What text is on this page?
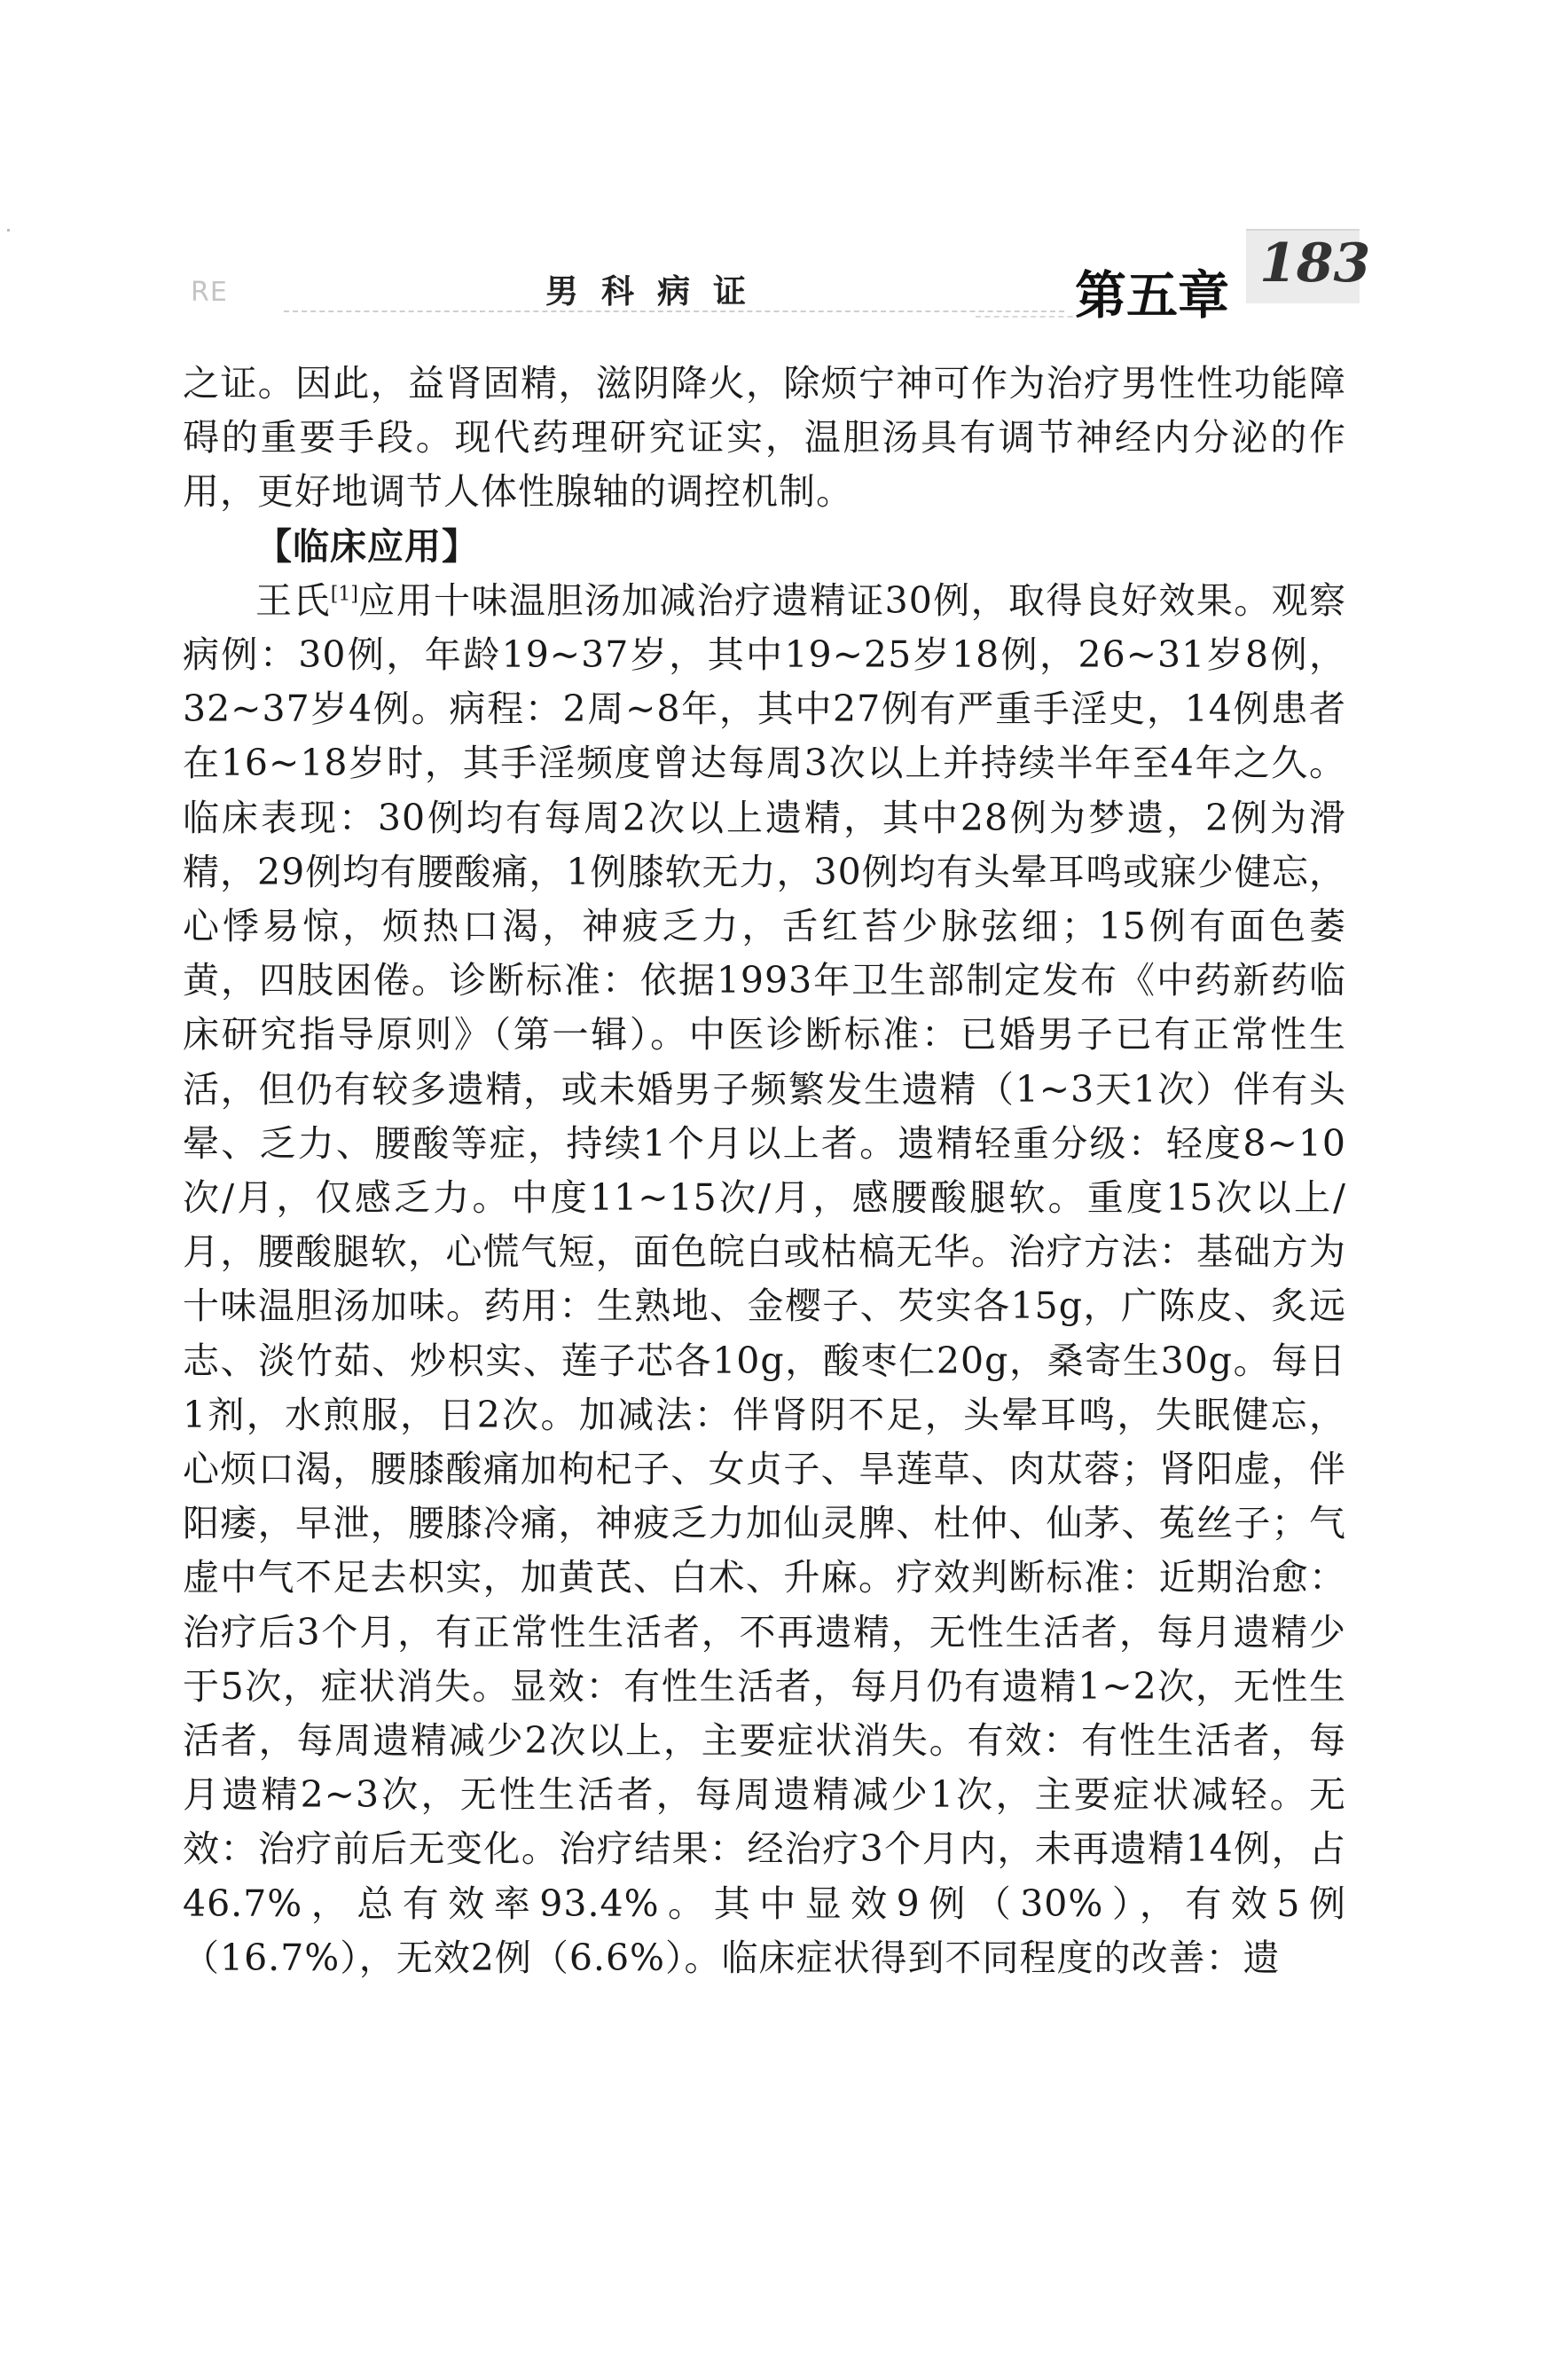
RE	男科病证	第五章
183

之证。因此，益肾固精，滋阴降火，除烦宁神可作为治疗男性性功能障碍的重要手段。现代药理研究证实，温胆汤具有调节神经内分泌的作用，更好地调节人体性腺轴的调控机制。

【临床应用】

王氏[1]应用十味温胆汤加减治疗遗精证30例，取得良好效果。观察病例：30例，年龄19~37岁，其中19~25岁18例，26~31岁8例，32~37岁4例。病程：2周~8年，其中27例有严重手淫史，14例患者在16~18岁时，其手淫频度曾达每周3次以上并持续半年至4年之久。临床表现：30例均有每周2次以上遗精，其中28例为梦遗，2例为滑精，29例均有腰酸痛，1例膝软无力，30例均有头晕耳鸣或寐少健忘，心悸易惊，烦热口渴，神疲乏力，舌红苔少脉弦细；15例有面色萎黄，四肢困倦。诊断标准：依据1993年卫生部制定发布《中药新药临床研究指导原则》（第一辑）。中医诊断标准：已婚男子已有正常性生活，但仍有较多遗精，或未婚男子频繁发生遗精（1~3天1次）伴有头晕、乏力、腰酸等症，持续1个月以上者。遗精轻重分级：轻度8~10次/月，仅感乏力。中度11~15次/月，感腰酸腿软。重度15次以上/月，腰酸腿软，心慌气短，面色皖白或枯槁无华。治疗方法：基础方为十味温胆汤加味。药用：生熟地、金樱子、芡实各15g，广陈皮、炙远志、淡竹茹、炒枳实、莲子芯各10g，酸枣仁20g，桑寄生30g。每日1剂，水煎服，日2次。加减法：伴肾阴不足，头晕耳鸣，失眠健忘，心烦口渴，腰膝酸痛加枸杞子、女贞子、旱莲草、肉苁蓉；肾阳虚，伴阳痿，早泄，腰膝冷痛，神疲乏力加仙灵脾、杜仲、仙茅、菟丝子；气虚中气不足去枳实，加黄芪、白术、升麻。疗效判断标准：近期治愈：治疗后3个月，有正常性生活者，不再遗精，无性生活者，每月遗精少于5次，症状消失。显效：有性生活者，每月仍有遗精1~2次，无性生活者，每周遗精减少2次以上，主要症状消失。有效：有性生活者，每月遗精2~3次，无性生活者，每周遗精减少1次，主要症状减轻。无效：治疗前后无变化。治疗结果：经治疗3个月内，未再遗精14例，占46.7%，总有效率93.4%。其中显效9例（30%），有效5例（16.7%），无效2例（6.6%）。临床症状得到不同程度的改善：遗
